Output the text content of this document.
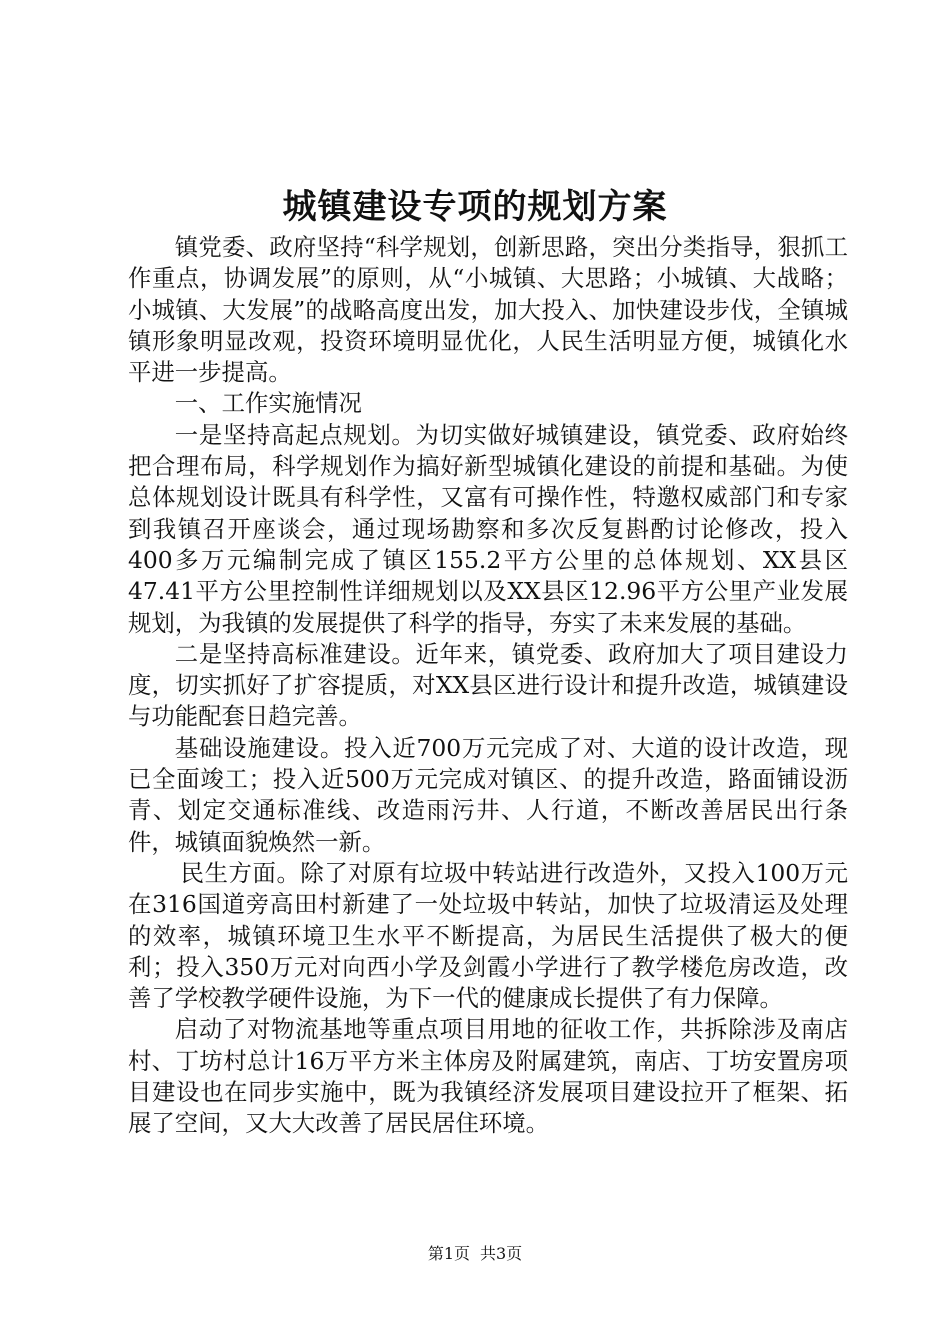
城镇建设专项的规划方案

镇党委、政府坚持“科学规划，创新思路，突出分类指导，狠抓工作重点，协调发展”的原则，从“小城镇、大思路；小城镇、大战略；小城镇、大发展”的战略高度出发，加大投入、加快建设步伐，全镇城镇形象明显改观，投资环境明显优化，人民生活明显方便，城镇化水平进一步提高。

一、工作实施情况

一是坚持高起点规划。为切实做好城镇建设，镇党委、政府始终把合理布局，科学规划作为搞好新型城镇化建设的前提和基础。为使总体规划设计既具有科学性，又富有可操作性，特邀权威部门和专家到我镇召开座谈会，通过现场勘察和多次反复斟酌讨论修改，投入400多万元编制完成了镇区155.2平方公里的总体规划、XX县区47.41平方公里控制性详细规划以及XX县区12.96平方公里产业发展规划，为我镇的发展提供了科学的指导，夯实了未来发展的基础。

二是坚持高标准建设。近年来，镇党委、政府加大了项目建设力度，切实抓好了扩容提质，对XX县区进行设计和提升改造，城镇建设与功能配套日趋完善。

基础设施建设。投入近700万元完成了对、大道的设计改造，现已全面竣工；投入近500万元完成对镇区、的提升改造，路面铺设沥青、划定交通标准线、改造雨污井、人行道，不断改善居民出行条件，城镇面貌焕然一新。

民生方面。除了对原有垃圾中转站进行改造外，又投入100万元在316国道旁高田村新建了一处垃圾中转站，加快了垃圾清运及处理的效率，城镇环境卫生水平不断提高，为居民生活提供了极大的便利；投入350万元对向西小学及剑霞小学进行了教学楼危房改造，改善了学校教学硬件设施，为下一代的健康成长提供了有力保障。

启动了对物流基地等重点项目用地的征收工作，共拆除涉及南店村、丁坊村总计16万平方米主体房及附属建筑，南店、丁坊安置房项目建设也在同步实施中，既为我镇经济发展项目建设拉开了框架、拓展了空间，又大大改善了居民居住环境。

第1页 共3页
